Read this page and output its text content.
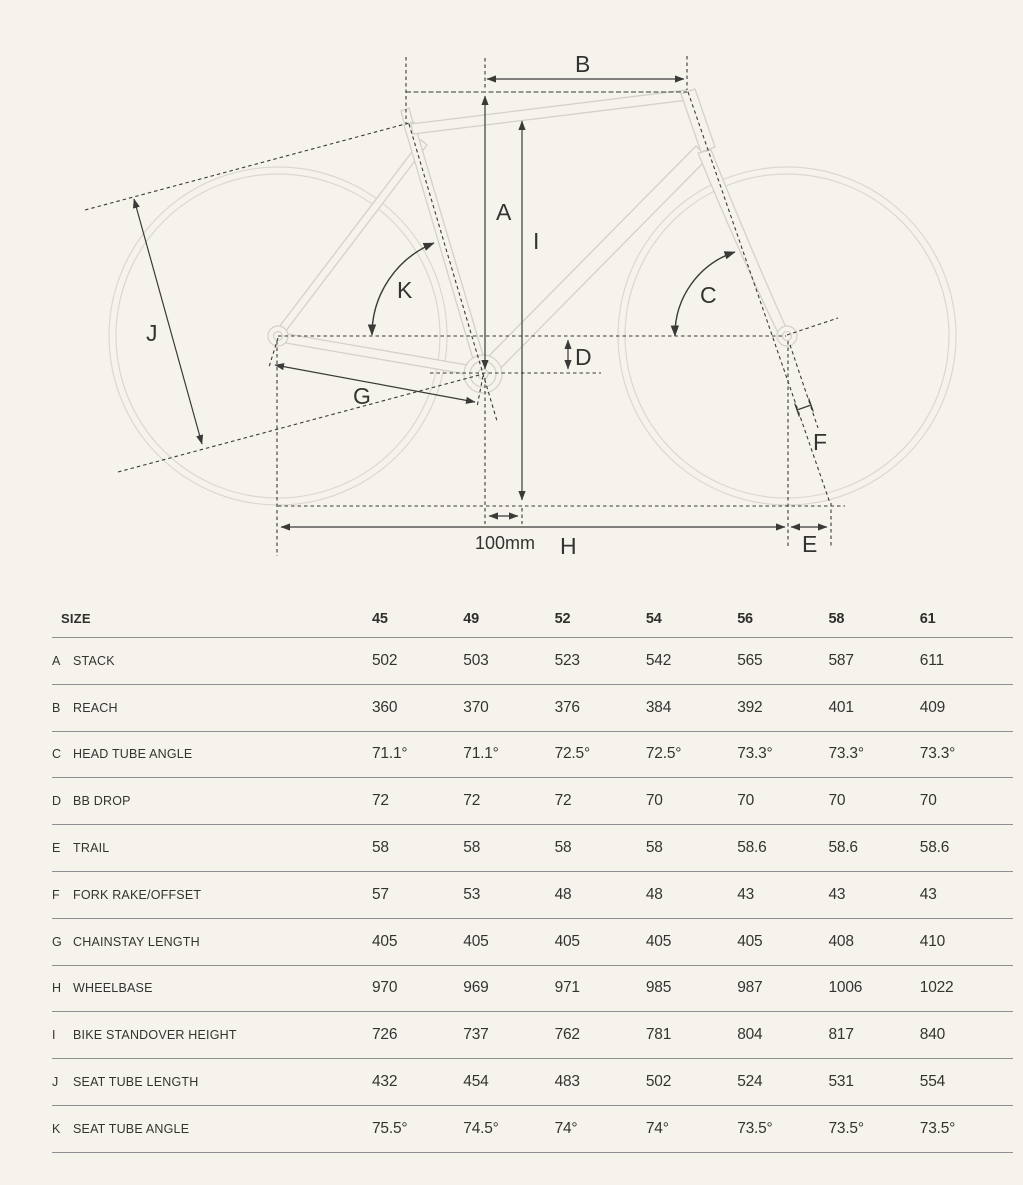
A
B
C
D
E
F
G
H
I
J
K
100mm
SIZE	45	49	52	54	56	58	61
A STACK	502	503	523	542	565	587	611
B REACH	360	370	376	384	392	401	409
C HEAD TUBE ANGLE	71.1°	71.1°	72.5°	72.5°	73.3°	73.3°	73.3°
D BB DROP	72	72	72	70	70	70	70
E TRAIL	58	58	58	58	58.6	58.6	58.6
F	FORK RAKE/OFFSET	57	53	48	48	43	43	43
G CHAINSTAY LENGTH	405	405	405	405	405	408	410
H WHEELBASE	970	969	971	985	987	1006	1022
I	BIKE STANDOVER HEIGHT	726	737	762	781	804	817	840
J	SEAT TUBE LENGTH	432	454	483	502	524	531	554
K SEAT TUBE ANGLE	75.5°	74.5°	74°	74°	73.5°	73.5°	73.5°
